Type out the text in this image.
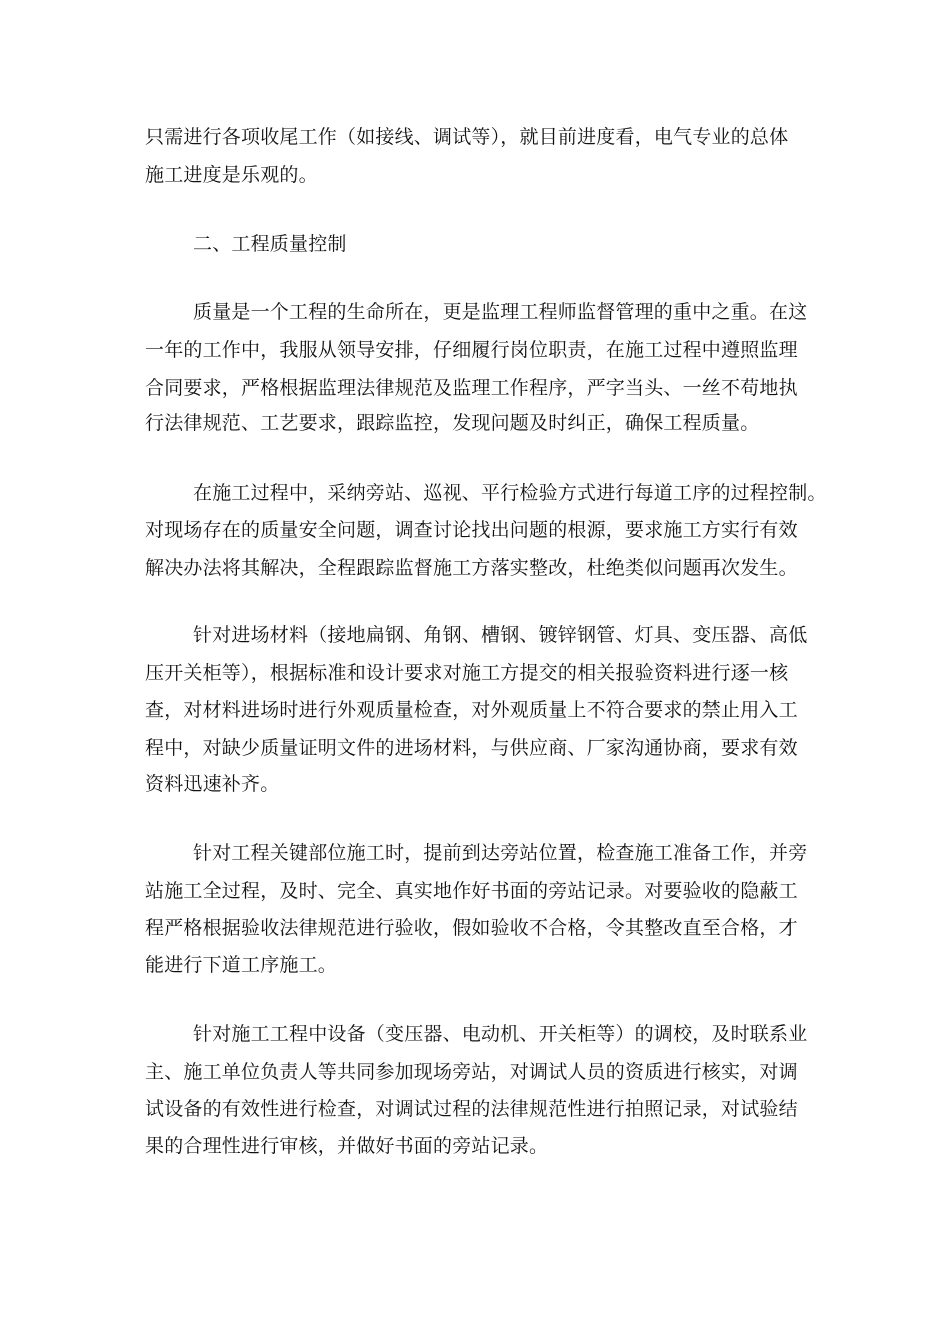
只需进行各项收尾工作（如接线、调试等），就目前进度看，电气专业的总体
施工进度是乐观的。
二、工程质量控制
质量是一个工程的生命所在，更是监理工程师监督管理的重中之重。在这
一年的工作中，我服从领导安排，仔细履行岗位职责，在施工过程中遵照监理
合同要求，严格根据监理法律规范及监理工作程序，严字当头、一丝不苟地执
行法律规范、工艺要求，跟踪监控，发现问题及时纠正，确保工程质量。
在施工过程中，采纳旁站、巡视、平行检验方式进行每道工序的过程控制。
对现场存在的质量安全问题，调查讨论找出问题的根源，要求施工方实行有效
解决办法将其解决，全程跟踪监督施工方落实整改，杜绝类似问题再次发生。
针对进场材料（接地扁钢、角钢、槽钢、镀锌钢管、灯具、变压器、高低
压开关柜等），根据标准和设计要求对施工方提交的相关报验资料进行逐一核
查，对材料进场时进行外观质量检查，对外观质量上不符合要求的禁止用入工
程中，对缺少质量证明文件的进场材料，与供应商、厂家沟通协商，要求有效
资料迅速补齐。
针对工程关键部位施工时，提前到达旁站位置，检查施工准备工作，并旁
站施工全过程，及时、完全、真实地作好书面的旁站记录。对要验收的隐蔽工
程严格根据验收法律规范进行验收，假如验收不合格，令其整改直至合格，才
能进行下道工序施工。
针对施工工程中设备（变压器、电动机、开关柜等）的调校，及时联系业
主、施工单位负责人等共同参加现场旁站，对调试人员的资质进行核实，对调
试设备的有效性进行检查，对调试过程的法律规范性进行拍照记录，对试验结
果的合理性进行审核，并做好书面的旁站记录。
